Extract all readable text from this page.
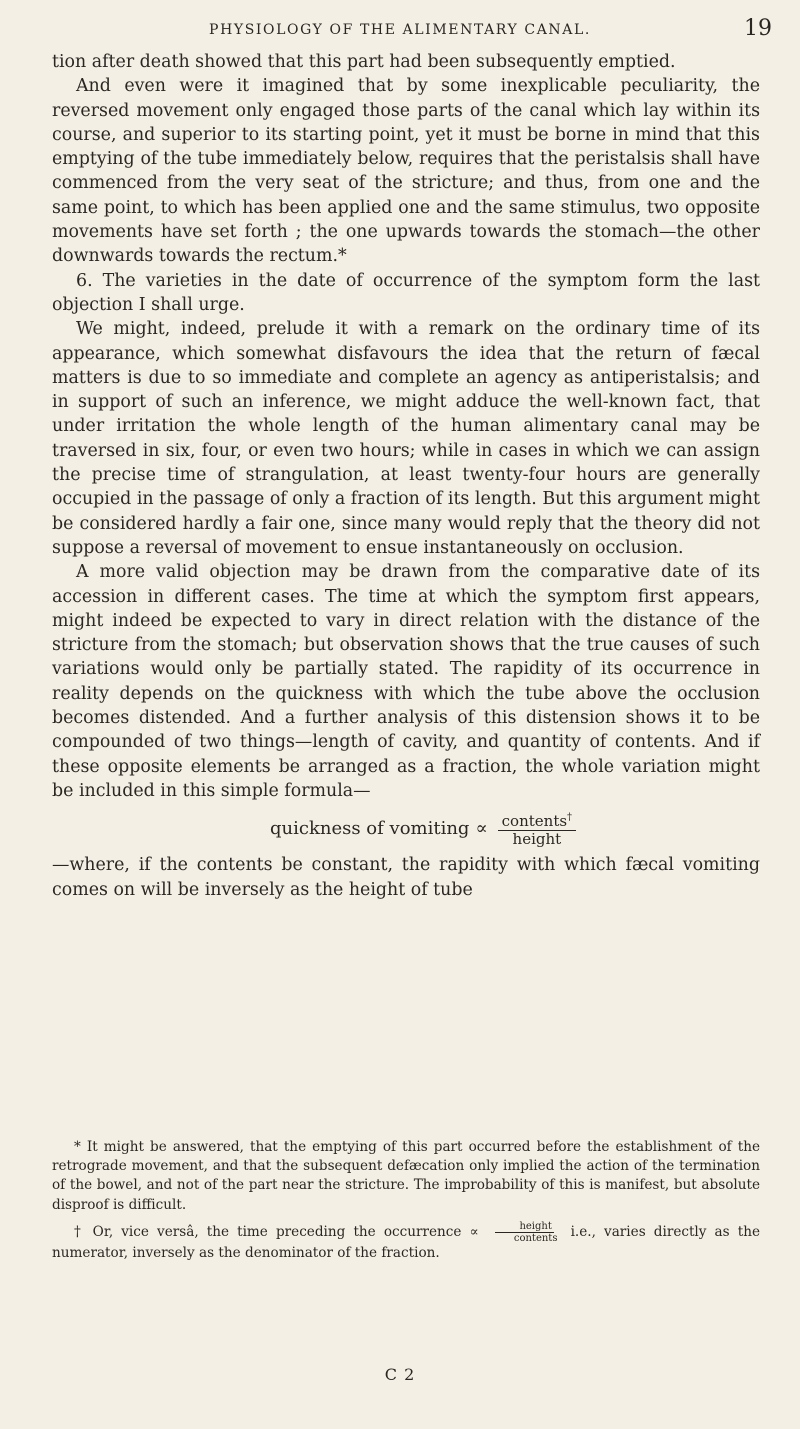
PHYSIOLOGY OF THE ALIMENTARY CANAL.	19

tion after death showed that this part had been subsequently emptied.

And even were it imagined that by some inexplicable peculiarity, the reversed movement only engaged those parts of the canal which lay within its course, and superior to its starting point, yet it must be borne in mind that this emptying of the tube immediately below, requires that the peristalsis shall have commenced from the very seat of the stricture; and thus, from one and the same point, to which has been applied one and the same stimulus, two opposite movements have set forth ; the one upwards towards the stomach—the other downwards towards the rectum.*

6. The varieties in the date of occurrence of the symptom form the last objection I shall urge.

We might, indeed, prelude it with a remark on the ordinary time of its appearance, which somewhat disfavours the idea that the return of fæcal matters is due to so immediate and complete an agency as antiperistalsis; and in support of such an inference, we might adduce the well-known fact, that under irritation the whole length of the human alimentary canal may be traversed in six, four, or even two hours; while in cases in which we can assign the precise time of strangulation, at least twenty-four hours are generally occupied in the passage of only a fraction of its length. But this argument might be considered hardly a fair one, since many would reply that the theory did not suppose a reversal of movement to ensue instantaneously on occlusion.

A more valid objection may be drawn from the comparative date of its accession in different cases. The time at which the symptom first appears, might indeed be expected to vary in direct relation with the distance of the stricture from the stomach; but observation shows that the true causes of such variations would only be partially stated. The rapidity of its occurrence in reality depends on the quickness with which the tube above the occlusion becomes distended. And a further analysis of this distension shows it to be compounded of two things—length of cavity, and quantity of contents. And if these opposite elements be arranged as a fraction, the whole variation might be included in this simple formula—

quickness of vomiting ∝ $\frac{contents^\dagger}{\text{height}}$

—where, if the contents be constant, the rapidity with which fæcal vomiting comes on will be inversely as the height of tube

* It might be answered, that the emptying of this part occurred before the establishment of the retrograde movement, and that the subsequent defæcation only implied the action of the termination of the bowel, and not of the part near the stricture. The improbability of this is manifest, but absolute disproof is difficult.

† Or, vice versâ, the time preceding the occurrence ∝ $\frac{\text{height}}{\text{contents}} i.e$., varies directly as the numerator, inversely as the denominator of the fraction.

C 2
